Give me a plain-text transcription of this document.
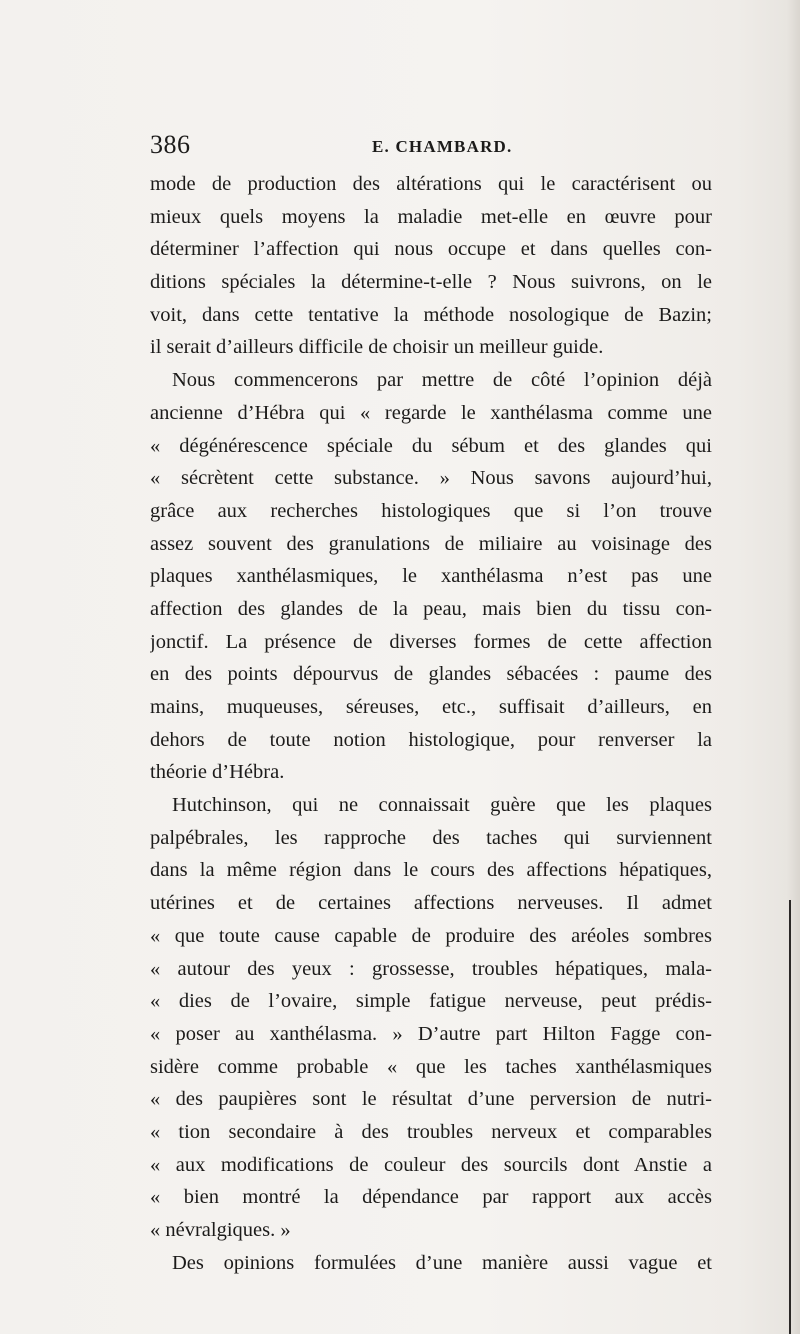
386	E. CHAMBARD.
mode de production des altérations qui le caractérisent ou
mieux quels moyens la maladie met-elle en œuvre pour
déterminer l’affection qui nous occupe et dans quelles con-
ditions spéciales la détermine-t-elle ? Nous suivrons, on le
voit, dans cette tentative la méthode nosologique de Bazin;
il serait d’ailleurs difficile de choisir un meilleur guide.
Nous commencerons par mettre de côté l’opinion déjà
ancienne d’Hébra qui « regarde le xanthélasma comme une
« dégénérescence spéciale du sébum et des glandes qui
« sécrètent cette substance. » Nous savons aujourd’hui,
grâce aux recherches histologiques que si l’on trouve
assez souvent des granulations de miliaire au voisinage des
plaques xanthélasmiques, le xanthélasma n’est pas une
affection des glandes de la peau, mais bien du tissu con-
jonctif. La présence de diverses formes de cette affection
en des points dépourvus de glandes sébacées : paume des
mains, muqueuses, séreuses, etc., suffisait d’ailleurs, en
dehors de toute notion histologique, pour renverser la
théorie d’Hébra.
Hutchinson, qui ne connaissait guère que les plaques
palpébrales, les rapproche des taches qui surviennent
dans la même région dans le cours des affections hépatiques,
utérines et de certaines affections nerveuses. Il admet
« que toute cause capable de produire des aréoles sombres
« autour des yeux : grossesse, troubles hépatiques, mala-
« dies de l’ovaire, simple fatigue nerveuse, peut prédis-
« poser au xanthélasma. » D’autre part Hilton Fagge con-
sidère comme probable « que les taches xanthélasmiques
« des paupières sont le résultat d’une perversion de nutri-
« tion secondaire à des troubles nerveux et comparables
« aux modifications de couleur des sourcils dont Anstie a
« bien montré la dépendance par rapport aux accès
« névralgiques. »
Des opinions formulées d’une manière aussi vague et
